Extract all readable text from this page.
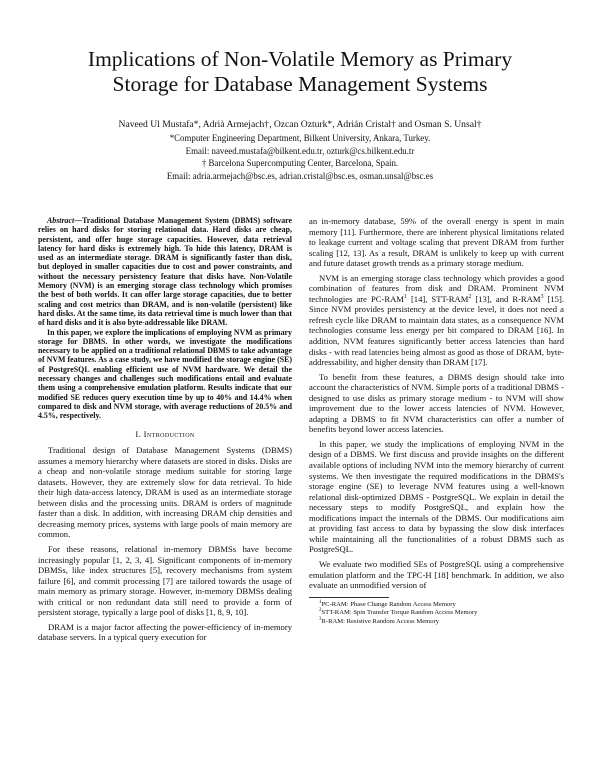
Implications of Non-Volatile Memory as Primary
Storage for Database Management Systems
Naveed Ul Mustafa*, Adrià Armejach†, Ozcan Ozturk*, Adrián Cristal† and Osman S. Unsal†
*Computer Engineering Department, Bilkent University, Ankara, Turkey.
Email: naveed.mustafa@bilkent.edu.tr, ozturk@cs.bilkent.edu.tr
† Barcelona Supercomputing Center, Barcelona, Spain.
Email: adria.armejach@bsc.es, adrian.cristal@bsc.es, osman.unsal@bsc.es

Abstract—Traditional Database Management System (DBMS) software relies on hard disks for storing relational data. Hard disks are cheap, persistent, and offer huge storage capacities. However, data retrieval latency for hard disks is extremely high. To hide this latency, DRAM is used as an intermediate storage. DRAM is significantly faster than disk, but deployed in smaller capacities due to cost and power constraints, and without the necessary persistency feature that disks have. Non-Volatile Memory (NVM) is an emerging storage class technology which promises the best of both worlds. It can offer large storage capacities, due to better scaling and cost metrics than DRAM, and is non-volatile (persistent) like hard disks. At the same time, its data retrieval time is much lower than that of hard disks and it is also byte-addressable like DRAM.

In this paper, we explore the implications of employing NVM as primary storage for DBMS. In other words, we investigate the modifications necessary to be applied on a traditional relational DBMS to take advantage of NVM features. As a case study, we have modified the storage engine (SE) of PostgreSQL enabling efficient use of NVM hardware. We detail the necessary changes and challenges such modifications entail and evaluate them using a comprehensive emulation platform. Results indicate that our modified SE reduces query execution time by up to 40% and 14.4% when compared to disk and NVM storage, with average reductions of 20.5% and 4.5%, respectively.

I. Introduction

Traditional design of Database Management Systems (DBMS) assumes a memory hierarchy where datasets are stored in disks. Disks are a cheap and non-volatile storage medium suitable for storing large datasets. However, they are extremely slow for data retrieval. To hide their high data-access latency, DRAM is used as an intermediate storage between disks and the processing units. DRAM is orders of magnitude faster than a disk. In addition, with increasing DRAM chip densities and decreasing memory prices, systems with large pools of main memory are common.

For these reasons, relational in-memory DBMSs have become increasingly popular [1, 2, 3, 4]. Significant components of in-memory DBMSs, like index structures [5], recovery mechanisms from system failure [6], and commit processing [7] are tailored towards the usage of main memory as primary storage. However, in-memory DBMSs dealing with critical or non redundant data still need to provide a form of persistent storage, typically a large pool of disks [1, 8, 9, 10].

DRAM is a major factor affecting the power-efficiency of in-memory database servers. In a typical query execution for

an in-memory database, 59% of the overall energy is spent in main memory [11]. Furthermore, there are inherent physical limitations related to leakage current and voltage scaling that prevent DRAM from further scaling [12, 13]. As a result, DRAM is unlikely to keep up with current and future dataset growth trends as a primary storage medium.

NVM is an emerging storage class technology which provides a good combination of features from disk and DRAM. Prominent NVM technologies are PC-RAM$^1$ [14], STT-RAM$^2$ [13], and R-RAM$^3$ [15]. Since NVM provides persistency at the device level, it does not need a refresh cycle like DRAM to maintain data states, as a consequence NVM technologies consume less energy per bit compared to DRAM [16]. In addition, NVM features significantly better access latencies than hard disks - with read latencies being almost as good as those of DRAM, byte-addressability, and higher density than DRAM [17].

To benefit from these features, a DBMS design should take into account the characteristics of NVM. Simple ports of a traditional DBMS - designed to use disks as primary storage medium - to NVM will show improvement due to the lower access latencies of NVM. However, adapting a DBMS to fit NVM characteristics can offer a number of benefits beyond lower access latencies.

In this paper, we study the implications of employing NVM in the design of a DBMS. We first discuss and provide insights on the different available options of including NVM into the memory hierarchy of current systems. We then investigate the required modifications in the DBMS's storage engine (SE) to leverage NVM features using a well-known relational disk-optimized DBMS - PostgreSQL. We explain in detail the necessary steps to modify PostgreSQL, and explain how the modifications impact the internals of the DBMS. Our modifications aim at providing fast access to data by bypassing the slow disk interfaces while maintaining all the functionalities of a robust DBMS such as PostgreSQL.

We evaluate two modified SEs of PostgreSQL using a comprehensive emulation platform and the TPC-H [18] benchmark. In addition, we also evaluate an unmodified version of

$^1$PC-RAM: Phase Change Random Access Memory
$^2$STT-RAM: Spin Transfer Torque Random Access Memory
$^3$R-RAM: Resistive Random Access Memory
